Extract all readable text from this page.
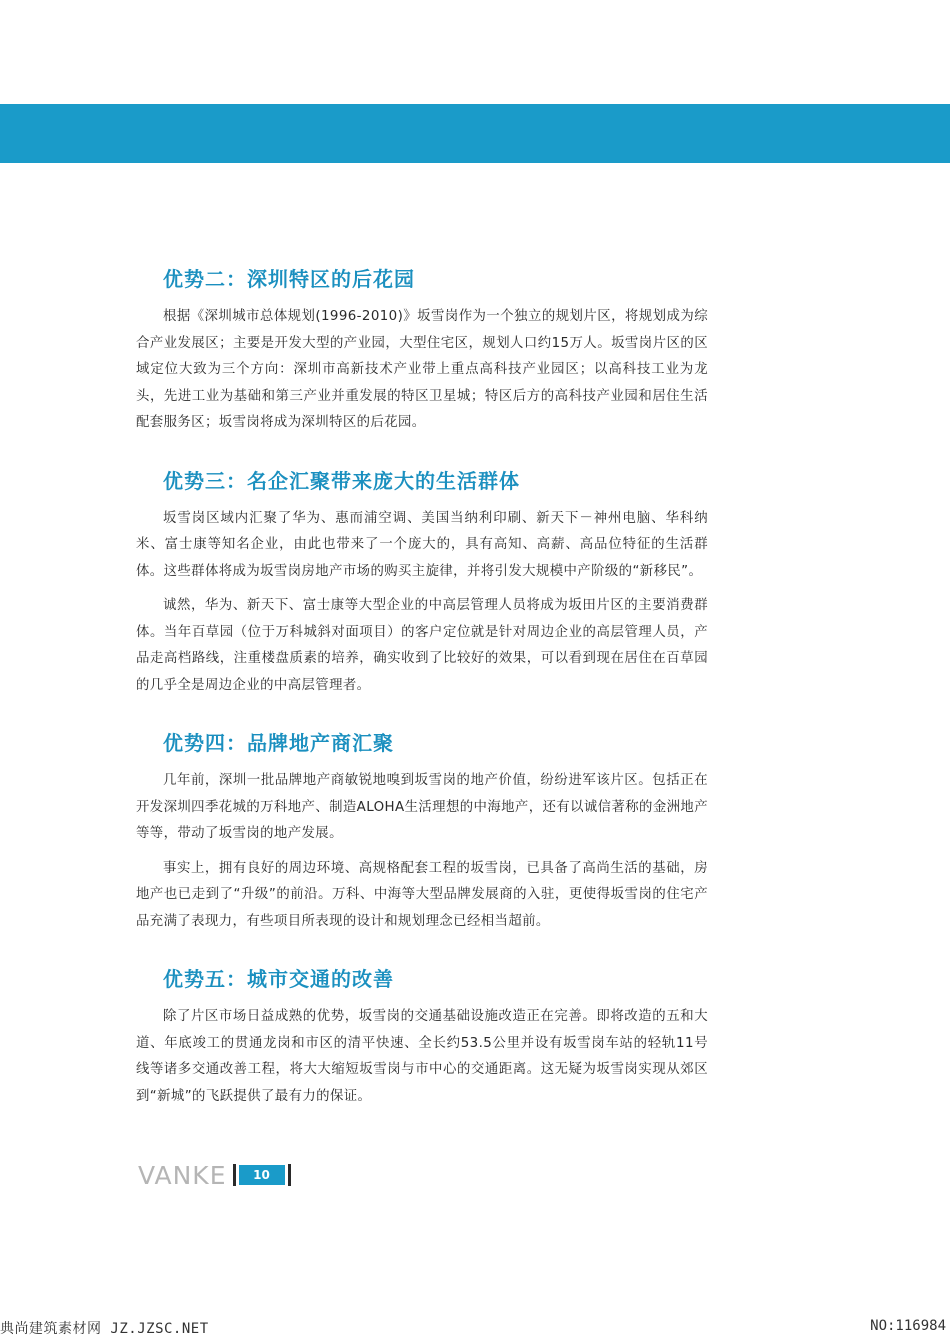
优势二：深圳特区的后花园

根据《深圳城市总体规划(1996-2010)》坂雪岗作为一个独立的规划片区，将规划成为综合产业发展区；主要是开发大型的产业园，大型住宅区，规划人口约15万人。坂雪岗片区的区域定位大致为三个方向：深圳市高新技术产业带上重点高科技产业园区；以高科技工业为龙头，先进工业为基础和第三产业并重发展的特区卫星城；特区后方的高科技产业园和居住生活配套服务区；坂雪岗将成为深圳特区的后花园。

优势三：名企汇聚带来庞大的生活群体

坂雪岗区域内汇聚了华为、惠而浦空调、美国当纳利印刷、新天下－神州电脑、华科纳米、富士康等知名企业，由此也带来了一个庞大的，具有高知、高薪、高品位特征的生活群体。这些群体将成为坂雪岗房地产市场的购买主旋律，并将引发大规模中产阶级的“新移民”。

诚然，华为、新天下、富士康等大型企业的中高层管理人员将成为坂田片区的主要消费群体。当年百草园（位于万科城斜对面项目）的客户定位就是针对周边企业的高层管理人员，产品走高档路线，注重楼盘质素的培养，确实收到了比较好的效果，可以看到现在居住在百草园的几乎全是周边企业的中高层管理者。

优势四：品牌地产商汇聚

几年前，深圳一批品牌地产商敏锐地嗅到坂雪岗的地产价值，纷纷进军该片区。包括正在开发深圳四季花城的万科地产、制造ALOHA生活理想的中海地产，还有以诚信著称的金洲地产等等，带动了坂雪岗的地产发展。

事实上，拥有良好的周边环境、高规格配套工程的坂雪岗，已具备了高尚生活的基础，房地产也已走到了“升级”的前沿。万科、中海等大型品牌发展商的入驻，更使得坂雪岗的住宅产品充满了表现力，有些项目所表现的设计和规划理念已经相当超前。

优势五：城市交通的改善

除了片区市场日益成熟的优势，坂雪岗的交通基础设施改造正在完善。即将改造的五和大道、年底竣工的贯通龙岗和市区的清平快速、全长约53.5公里并设有坂雪岗车站的轻轨11号线等诸多交通改善工程，将大大缩短坂雪岗与市中心的交通距离。这无疑为坂雪岗实现从郊区到“新城”的飞跃提供了最有力的保证。

VANKE	10
典尚建筑素材网 JZ.JZSC.NET	NO:116984
